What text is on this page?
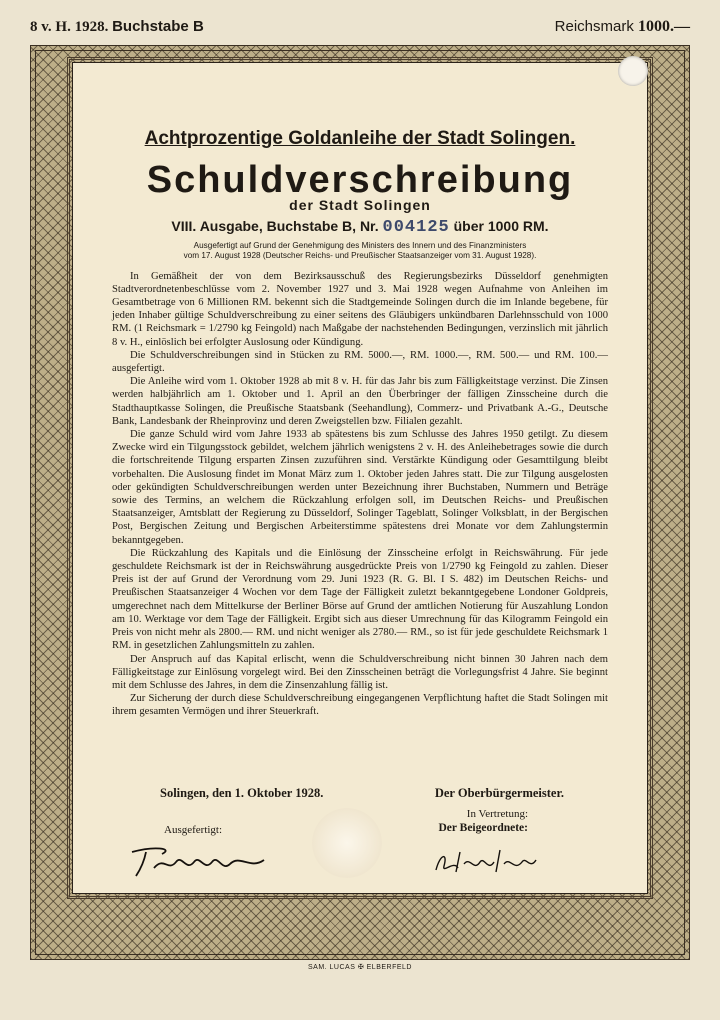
8 v. H. 1928. Buchstabe B	Reichsmark 1000.—

Achtprozentige Goldanleihe der Stadt Solingen.

Schuldverschreibung

der Stadt Solingen

VIII. Ausgabe, Buchstabe B, Nr. 004125 über 1000 RM.

Ausgefertigt auf Grund der Genehmigung des Ministers des Innern und des Finanzministers
vom 17. August 1928 (Deutscher Reichs- und Preußischer Staatsanzeiger vom 31. August 1928).

In Gemäßheit der von dem Bezirksausschuß des Regierungsbezirks Düsseldorf genehmigten Stadtverordnetenbeschlüsse vom 2. November 1927 und 3. Mai 1928 wegen Aufnahme von Anleihen im Gesamtbetrage von 6 Millionen RM. bekennt sich die Stadtgemeinde Solingen durch die im Inlande begebene, für jeden Inhaber gültige Schuldverschreibung zu einer seitens des Gläubigers unkündbaren Darlehnsschuld von 1000 RM. (1 Reichsmark = 1/2790 kg Feingold) nach Maßgabe der nachstehenden Bedingungen, verzinslich mit jährlich 8 v. H., einlöslich bei erfolgter Auslosung oder Kündigung.

Die Schuldverschreibungen sind in Stücken zu RM. 5000.—, RM. 1000.—, RM. 500.— und RM. 100.— ausgefertigt.

Die Anleihe wird vom 1. Oktober 1928 ab mit 8 v. H. für das Jahr bis zum Fälligkeitstage verzinst. Die Zinsen werden halbjährlich am 1. Oktober und 1. April an den Überbringer der fälligen Zinsscheine durch die Stadthauptkasse Solingen, die Preußische Staatsbank (Seehandlung), Commerz- und Privatbank A.-G., Deutsche Bank, Landesbank der Rheinprovinz und deren Zweigstellen bzw. Filialen gezahlt.

Die ganze Schuld wird vom Jahre 1933 ab spätestens bis zum Schlusse des Jahres 1950 getilgt. Zu diesem Zwecke wird ein Tilgungsstock gebildet, welchem jährlich wenigstens 2 v. H. des Anleihebetrages sowie die durch die fortschreitende Tilgung ersparten Zinsen zuzuführen sind. Verstärkte Kündigung oder Gesamttilgung bleibt vorbehalten. Die Auslosung findet im Monat März zum 1. Oktober jeden Jahres statt. Die zur Tilgung ausgelosten oder gekündigten Schuldverschreibungen werden unter Bezeichnung ihrer Buchstaben, Nummern und Beträge sowie des Termins, an welchem die Rückzahlung erfolgen soll, im Deutschen Reichs- und Preußischen Staatsanzeiger, Amtsblatt der Regierung zu Düsseldorf, Solinger Tageblatt, Solinger Volksblatt, in der Bergischen Post, Bergischen Zeitung und Bergischen Arbeiterstimme spätestens drei Monate vor dem Zahlungstermin bekanntgegeben.

Die Rückzahlung des Kapitals und die Einlösung der Zinsscheine erfolgt in Reichswährung. Für jede geschuldete Reichsmark ist der in Reichswährung ausgedrückte Preis von 1/2790 kg Feingold zu zahlen. Dieser Preis ist der auf Grund der Verordnung vom 29. Juni 1923 (R. G. Bl. I S. 482) im Deutschen Reichs- und Preußischen Staatsanzeiger 4 Wochen vor dem Tage der Fälligkeit zuletzt bekanntgegebene Londoner Goldpreis, umgerechnet nach dem Mittelkurse der Berliner Börse auf Grund der amtlichen Notierung für Auszahlung London am 10. Werktage vor dem Tage der Fälligkeit. Ergibt sich aus dieser Umrechnung für das Kilogramm Feingold ein Preis von nicht mehr als 2800.— RM. und nicht weniger als 2780.— RM., so ist für jede geschuldete Reichsmark 1 RM. in gesetzlichen Zahlungsmitteln zu zahlen.

Der Anspruch auf das Kapital erlischt, wenn die Schuldverschreibung nicht binnen 30 Jahren nach dem Fälligkeitstage zur Einlösung vorgelegt wird. Bei den Zinsscheinen beträgt die Vorlegungsfrist 4 Jahre. Sie beginnt mit dem Schlusse des Jahres, in dem die Zinsenzahlung fällig ist.

Zur Sicherung der durch diese Schuldverschreibung eingegangenen Verpflichtung haftet die Stadt Solingen mit ihrem gesamten Vermögen und ihrer Steuerkraft.

Solingen, den 1. Oktober 1928.	Der Oberbürgermeister.
In Vertretung:
Der Beigeordnete:
Ausgefertigt:
SAM. LUCAS ✠ ELBERFELD
